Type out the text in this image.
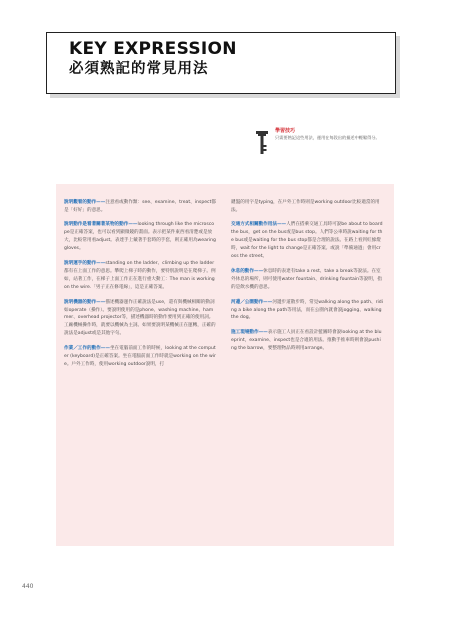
KEY EXPRESSION
必須熟記的常見用法
學習技巧
只需要熟記這些用法，運用在每段出的描述中輕鬆得分。

說明觀看的動作——注意看或動作類：see、examine、treat、inspect都是「好好」的意思。

說明動作是看著關著某物的動作——looking through like the microscope是正確答案，也可以看到顯微鏡的畫面。表示把某件東西看清楚或是放大，比較常用看adjust。表達手上戴著手套時的手套，則正確用為wearing gloves。

說明運手的動作——standing on the ladder、climbing up the ladder都有在上面工作的意思。攀爬上梯子時的動作，要特別說明是在爬梯子。例如，站著工作，在梯子上面工作正在進行重大動工：The man is working on the wire.「男子正在修電線」，這是正確答案。

說明機器的動作——描述機器運作正確說法是use，還有與機械相關的動詞如operate（操作）。要說明使用的是phone、washing machine、hammer、overhead projector等，描述機器時的動作要用到正確的使用詞。工廠機械操作時，就要以機械為主詞。如果要說明某機械正在運轉，正確的說法是adjust或是其他字句。

作業／工作的動作——坐在電腦前面工作的時候，looking at the computer (keyboard)是正確答案。坐在電腦前面工作時就是working on the wire。戶外工作時，使用working outdoor說明，打

鍵盤的用字是typing，在戶外工作時則是working outdoor比較適當的用法。

交通方式相關動作用法——人們在搭乘交通工具時可說be about to board the bus，get on the bus或是bus stop。人們等公車時說waiting for the bus或是waiting for the bus stop都是合理的說法。在路上看到紅綠燈時，wait for the light to change是正確答案。或說「準備通過」會用cross the street。

休息的動作——休息時的表達有take a rest、take a break等說法。在室外休息的場所，則可使用water fountain、drinking fountain等說明，指的是飲水機的意思。

河邊／公園動作——河邊步道散步時，常見walking along the path、riding a bike along the path等用法，而在公園內就會說jogging、walking the dog。

施工現場動作——表示施工人員正在看設計藍圖時會說looking at the blueprint，examine、inspect也是合適的用法。推動手推車時則會說pushing the barrow，要整理物品時則用arrange。

440
